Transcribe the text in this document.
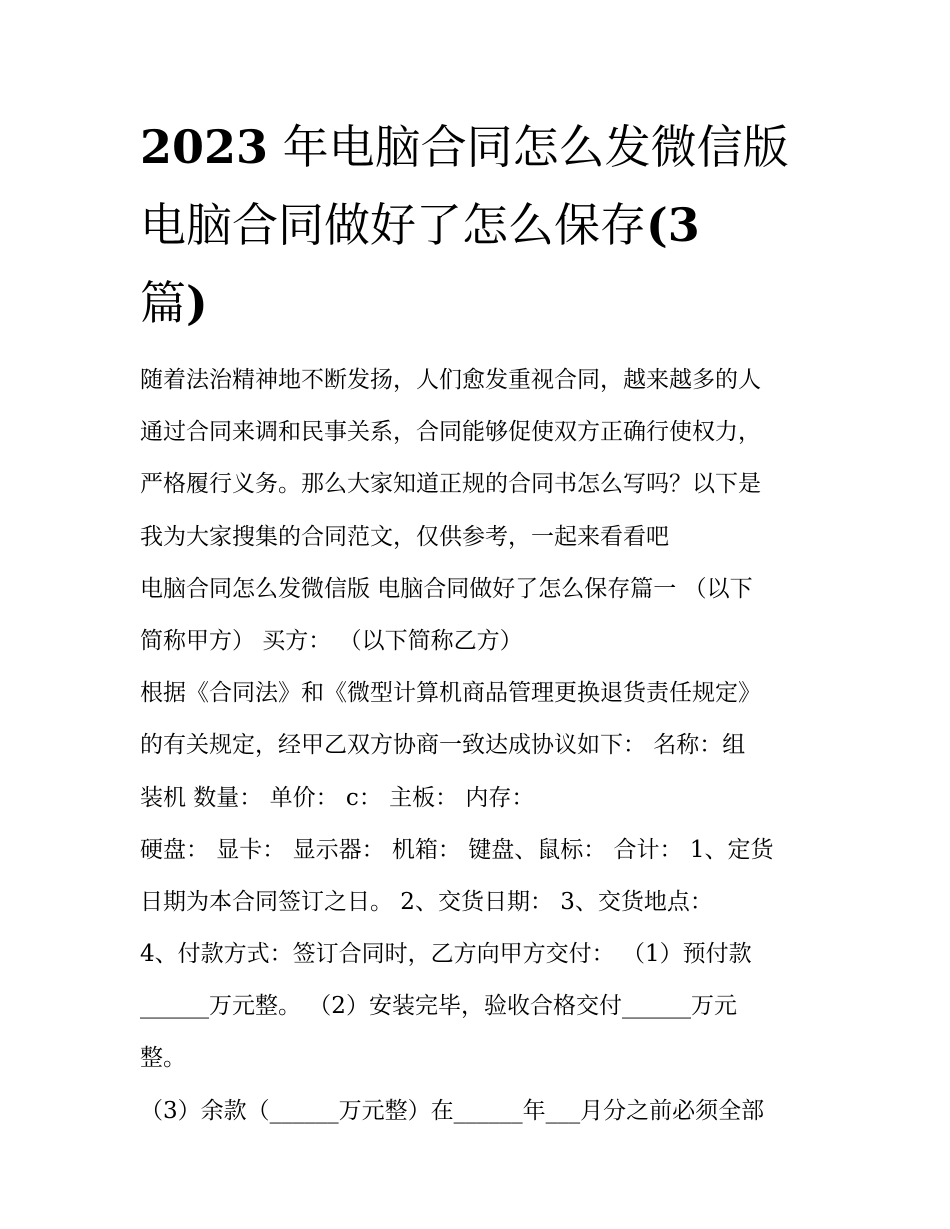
2023 年电脑合同怎么发微信版
电脑合同做好了怎么保存(3
篇)
随着法治精神地不断发扬，人们愈发重视合同，越来越多的人
通过合同来调和民事关系，合同能够促使双方正确行使权力，
严格履行义务。那么大家知道正规的合同书怎么写吗？以下是
我为大家搜集的合同范文，仅供参考，一起来看看吧
电脑合同怎么发微信版 电脑合同做好了怎么保存篇一 （以下
简称甲方） 买方： （以下简称乙方）
根据《合同法》和《微型计算机商品管理更换退货责任规定》
的有关规定，经甲乙双方协商一致达成协议如下： 名称：组
装机 数量： 单价： c： 主板： 内存：
硬盘： 显卡： 显示器： 机箱： 键盘、鼠标： 合计： 1、定货
日期为本合同签订之日。 2、交货日期： 3、交货地点：
4、付款方式：签订合同时，乙方向甲方交付： （1）预付款
______万元整。 （2）安装完毕，验收合格交付______万元
整。
（3）余款（______万元整）在______年___月分之前必须全部
